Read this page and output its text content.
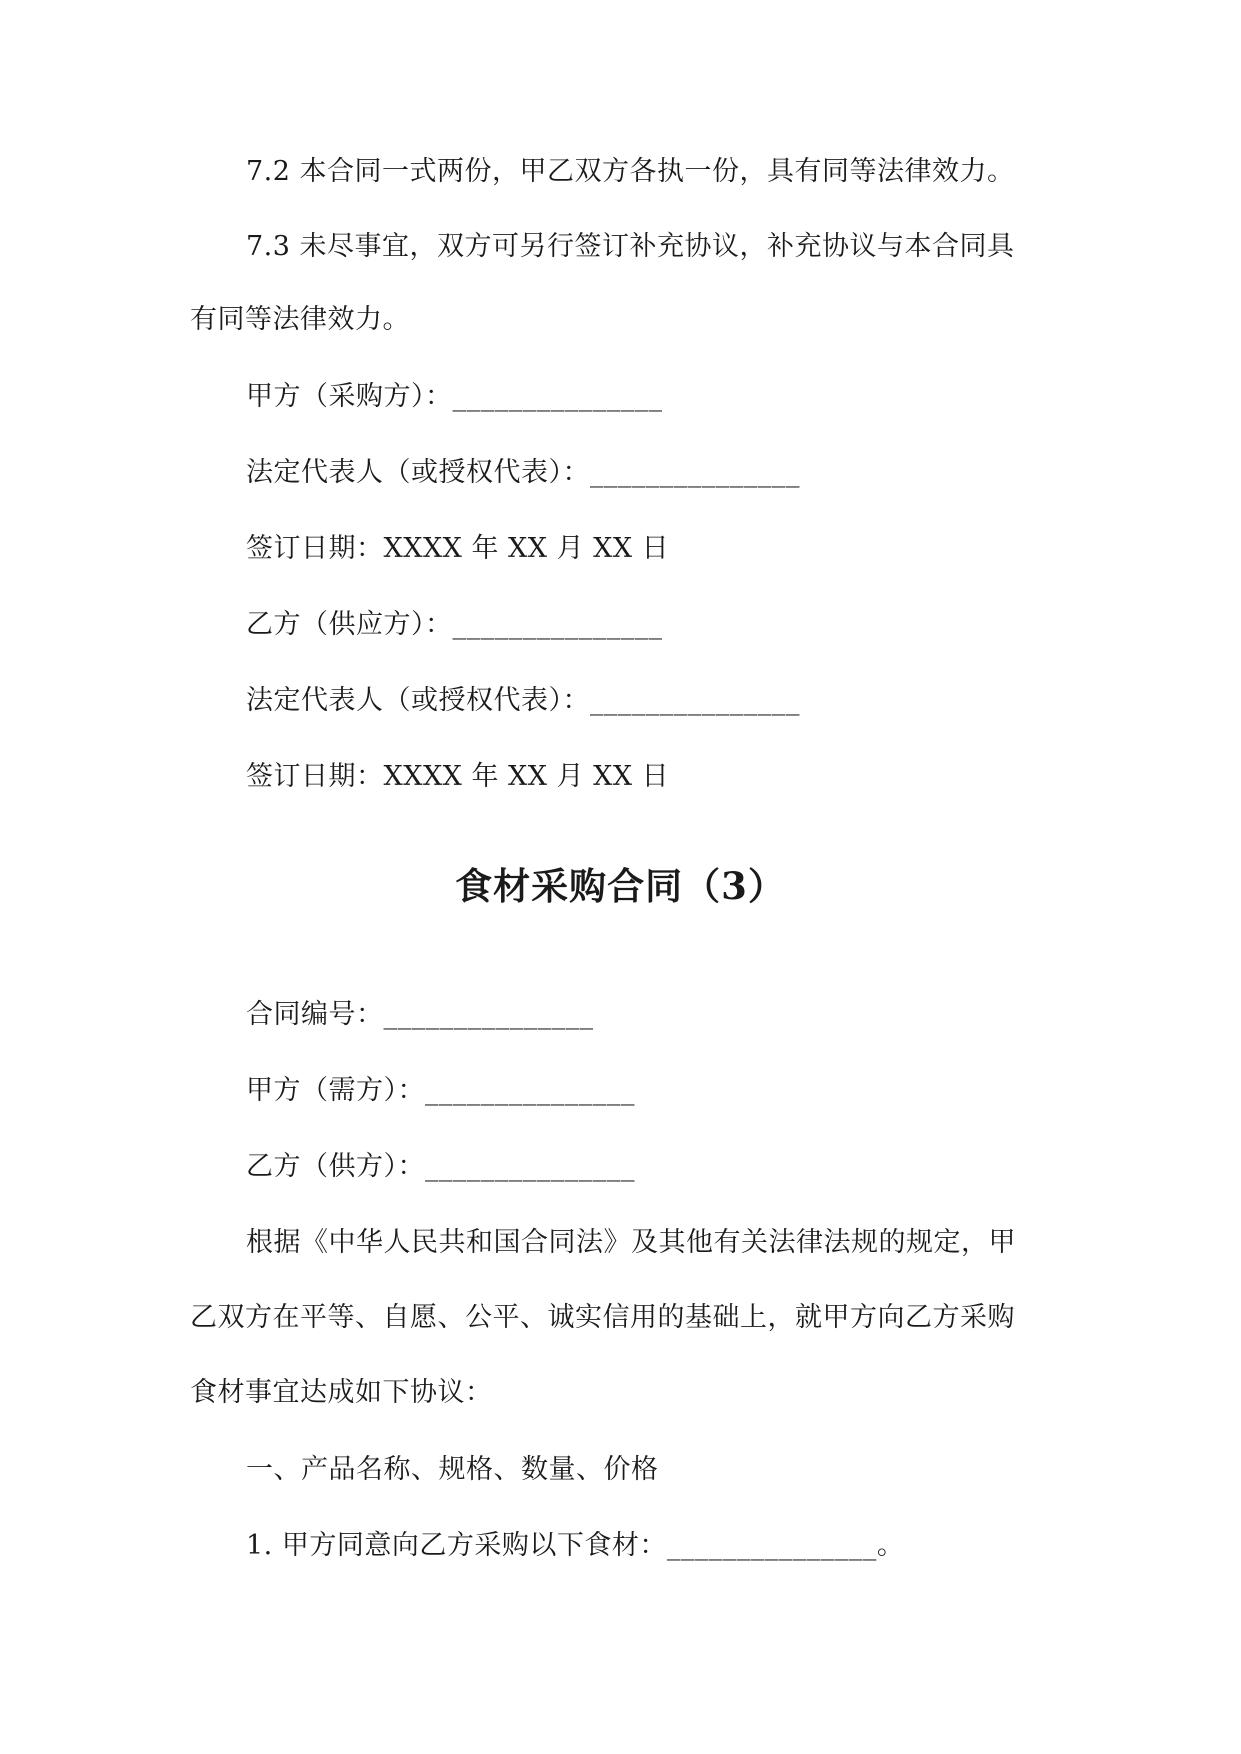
7.2 本合同一式两份，甲乙双方各执一份，具有同等法律效力。
7.3 未尽事宜，双方可另行签订补充协议，补充协议与本合同具
有同等法律效力。
甲方（采购方）：_______________
法定代表人（或授权代表）：_______________
签订日期：XXXX 年 XX 月 XX 日
乙方（供应方）：_______________
法定代表人（或授权代表）：_______________
签订日期：XXXX 年 XX 月 XX 日
食材采购合同（3）
合同编号：_______________
甲方（需方）：_______________
乙方（供方）：_______________
根据《中华人民共和国合同法》及其他有关法律法规的规定，甲
乙双方在平等、自愿、公平、诚实信用的基础上，就甲方向乙方采购
食材事宜达成如下协议：
一、产品名称、规格、数量、价格
1. 甲方同意向乙方采购以下食材：_______________。
